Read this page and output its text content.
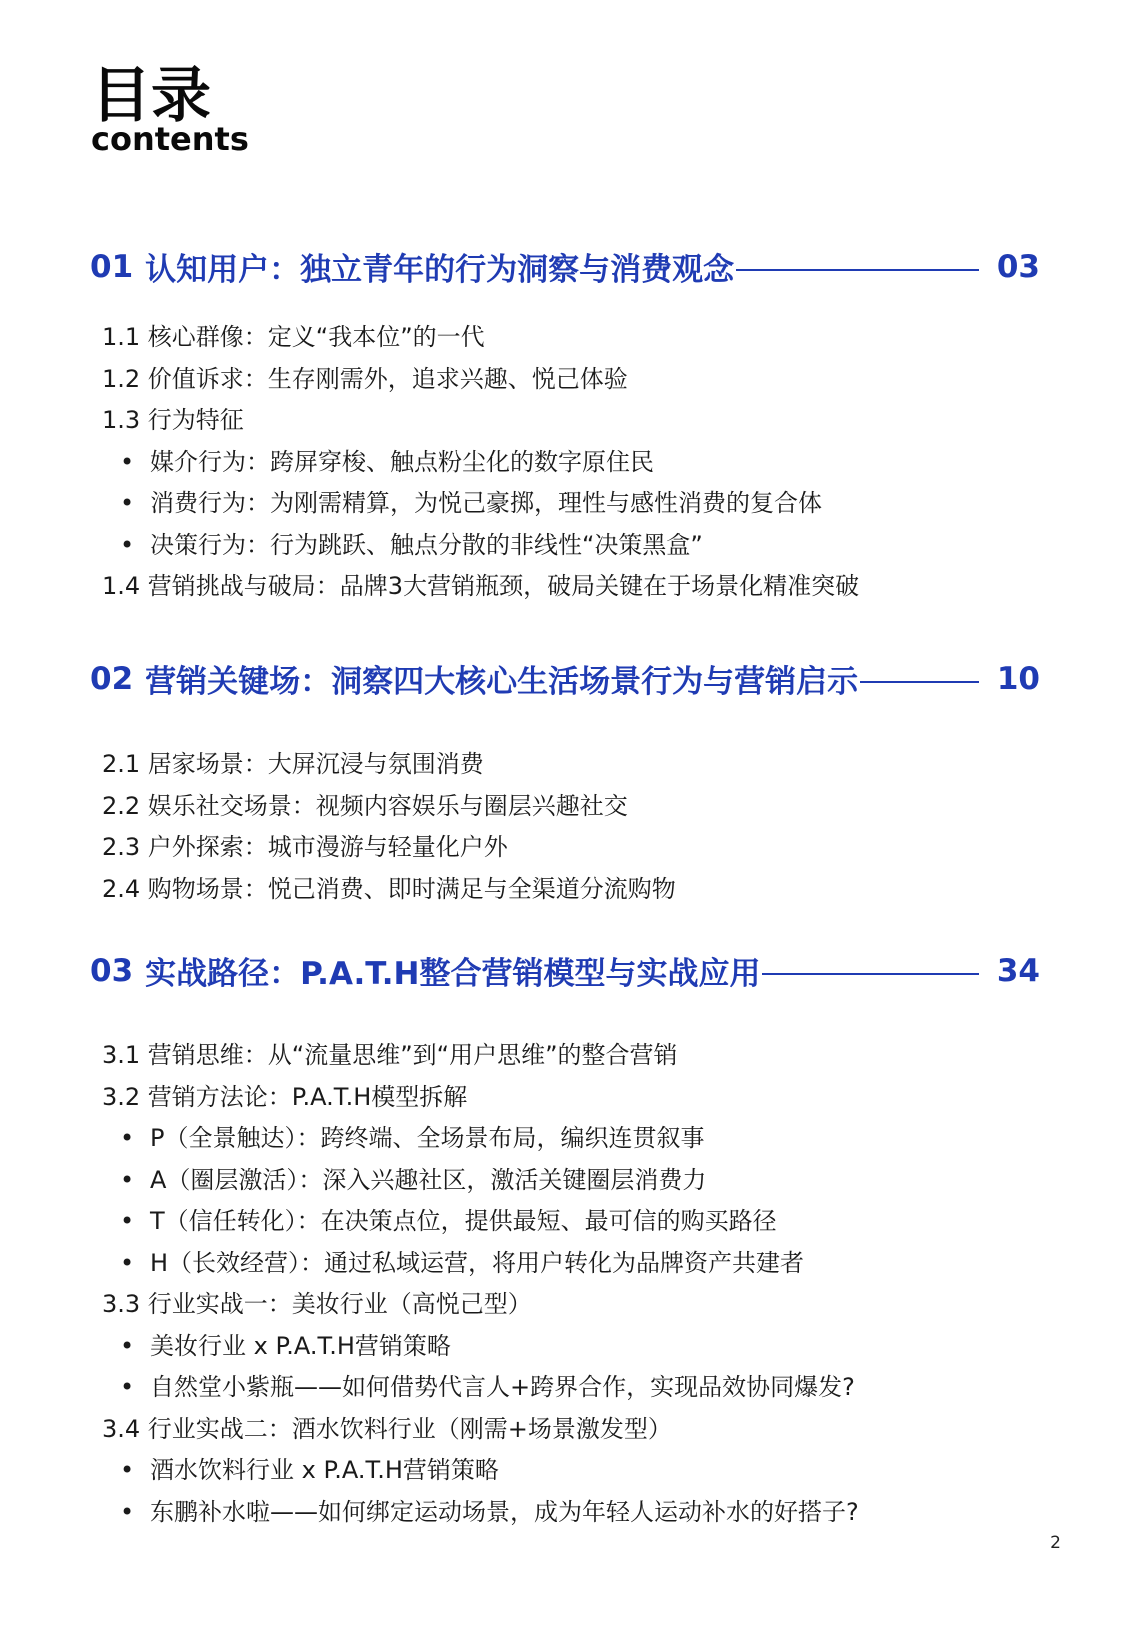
目录
contents
01 认知用户：独立青年的行为洞察与消费观念	03
1.1 核心群像：定义“我本位”的一代
1.2 价值诉求：生存刚需外，追求兴趣、悦己体验
1.3 行为特征
• 媒介行为：跨屏穿梭、触点粉尘化的数字原住民
• 消费行为：为刚需精算，为悦己豪掷，理性与感性消费的复合体
• 决策行为：行为跳跃、触点分散的非线性“决策黑盒”
1.4 营销挑战与破局：品牌3大营销瓶颈，破局关键在于场景化精准突破
02 营销关键场：洞察四大核心生活场景行为与营销启示	10
2.1 居家场景：大屏沉浸与氛围消费
2.2 娱乐社交场景：视频内容娱乐与圈层兴趣社交
2.3 户外探索：城市漫游与轻量化户外
2.4 购物场景：悦己消费、即时满足与全渠道分流购物
03 实战路径：P.A.T.H整合营销模型与实战应用	34
3.1 营销思维：从“流量思维”到“用户思维”的整合营销
3.2 营销方法论：P.A.T.H模型拆解
• P（全景触达）：跨终端、全场景布局，编织连贯叙事
• A（圈层激活）：深入兴趣社区，激活关键圈层消费力
• T（信任转化）：在决策点位，提供最短、最可信的购买路径
• H（长效经营）：通过私域运营，将用户转化为品牌资产共建者
3.3 行业实战一：美妆行业（高悦己型）
• 美妆行业 x P.A.T.H营销策略
• 自然堂小紫瓶——如何借势代言人+跨界合作，实现品效协同爆发?
3.4 行业实战二：酒水饮料行业（刚需+场景激发型）
• 酒水饮料行业 x P.A.T.H营销策略
• 东鹏补水啦——如何绑定运动场景，成为年轻人运动补水的好搭子?
2
